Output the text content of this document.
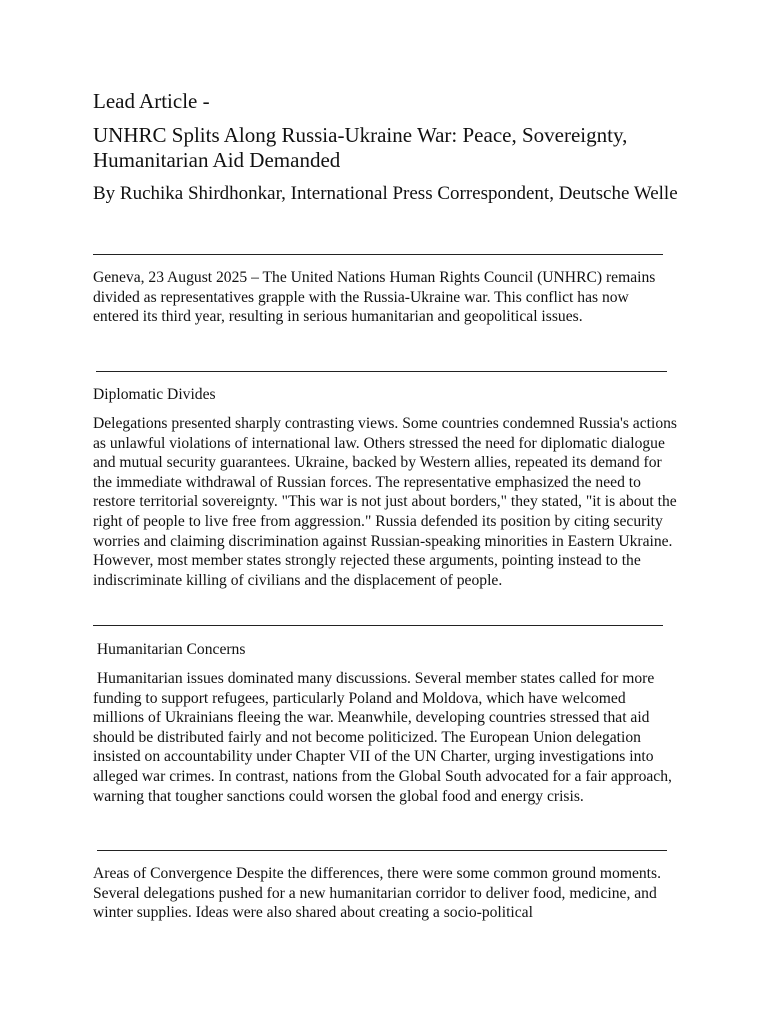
Lead Article -
UNHRC Splits Along Russia-Ukraine War: Peace, Sovereignty, Humanitarian Aid Demanded

By Ruchika Shirdhonkar, International Press Correspondent, Deutsche Welle

Geneva, 23 August 2025 – The United Nations Human Rights Council (UNHRC) remains divided as representatives grapple with the Russia-Ukraine war. This conflict has now entered its third year, resulting in serious humanitarian and geopolitical issues.

Diplomatic Divides

Delegations presented sharply contrasting views. Some countries condemned Russia's actions as unlawful violations of international law. Others stressed the need for diplomatic dialogue and mutual security guarantees. Ukraine, backed by Western allies, repeated its demand for the immediate withdrawal of Russian forces. The representative emphasized the need to restore territorial sovereignty. "This war is not just about borders," they stated, "it is about the right of people to live free from aggression." Russia defended its position by citing security worries and claiming discrimination against Russian-speaking minorities in Eastern Ukraine. However, most member states strongly rejected these arguments, pointing instead to the indiscriminate killing of civilians and the displacement of people.

Humanitarian Concerns

Humanitarian issues dominated many discussions. Several member states called for more funding to support refugees, particularly Poland and Moldova, which have welcomed millions of Ukrainians fleeing the war. Meanwhile, developing countries stressed that aid should be distributed fairly and not become politicized. The European Union delegation insisted on accountability under Chapter VII of the UN Charter, urging investigations into alleged war crimes. In contrast, nations from the Global South advocated for a fair approach, warning that tougher sanctions could worsen the global food and energy crisis.

Areas of Convergence Despite the differences, there were some common ground moments. Several delegations pushed for a new humanitarian corridor to deliver food, medicine, and winter supplies. Ideas were also shared about creating a socio-political
